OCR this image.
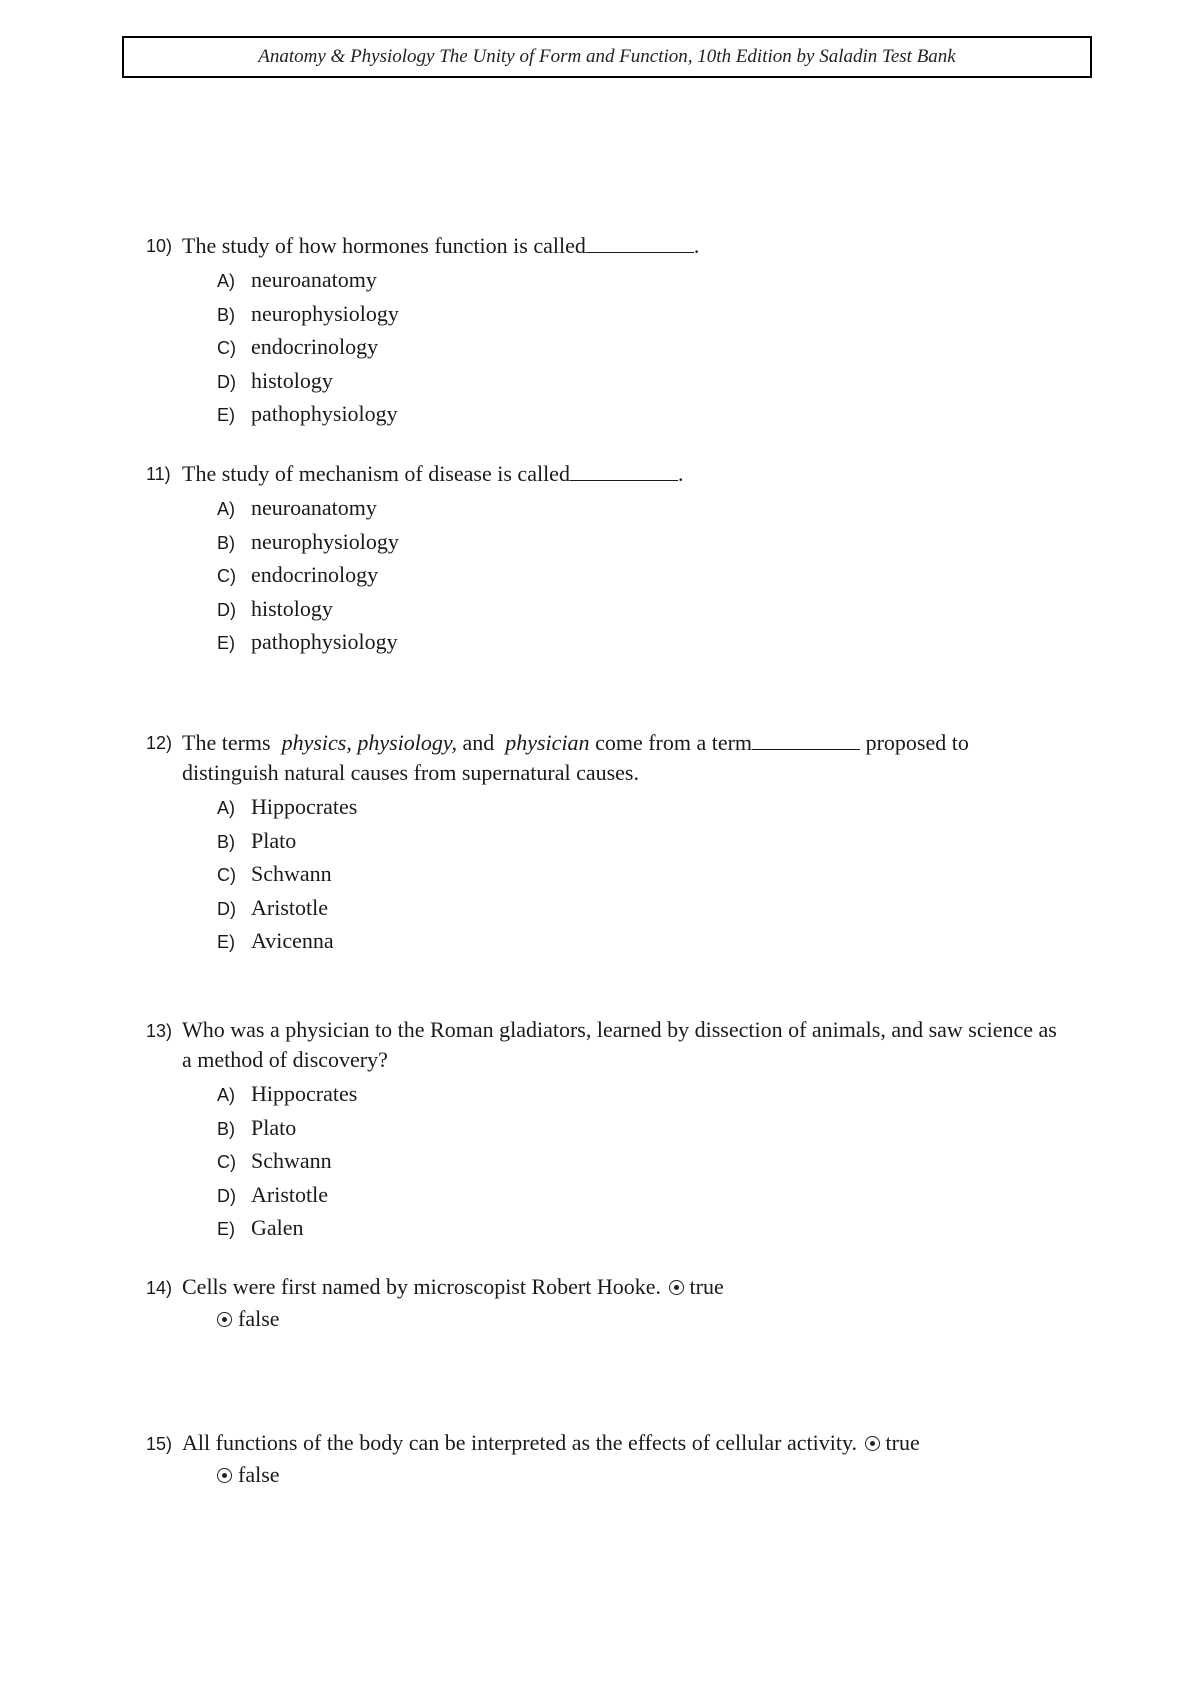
Anatomy & Physiology The Unity of Form and Function, 10th Edition by Saladin Test Bank
10) The study of how hormones function is called	.
A) neuroanatomy
B) neurophysiology
C) endocrinology
D) histology
E) pathophysiology
11) The study of mechanism of disease is called	.
A) neuroanatomy
B) neurophysiology
C) endocrinology
D) histology
E) pathophysiology
12) The terms physics, physiology, and physician come from a term	proposed to distinguish natural causes from supernatural causes.
A) Hippocrates
B) Plato
C) Schwann
D) Aristotle
E) Avicenna
13) Who was a physician to the Roman gladiators, learned by dissection of animals, and saw science as a method of discovery?
A) Hippocrates
B) Plato
C) Schwann
D) Aristotle
E) Galen
14) Cells were first named by microscopist Robert Hooke. true
false
15) All functions of the body can be interpreted as the effects of cellular activity. true
false
